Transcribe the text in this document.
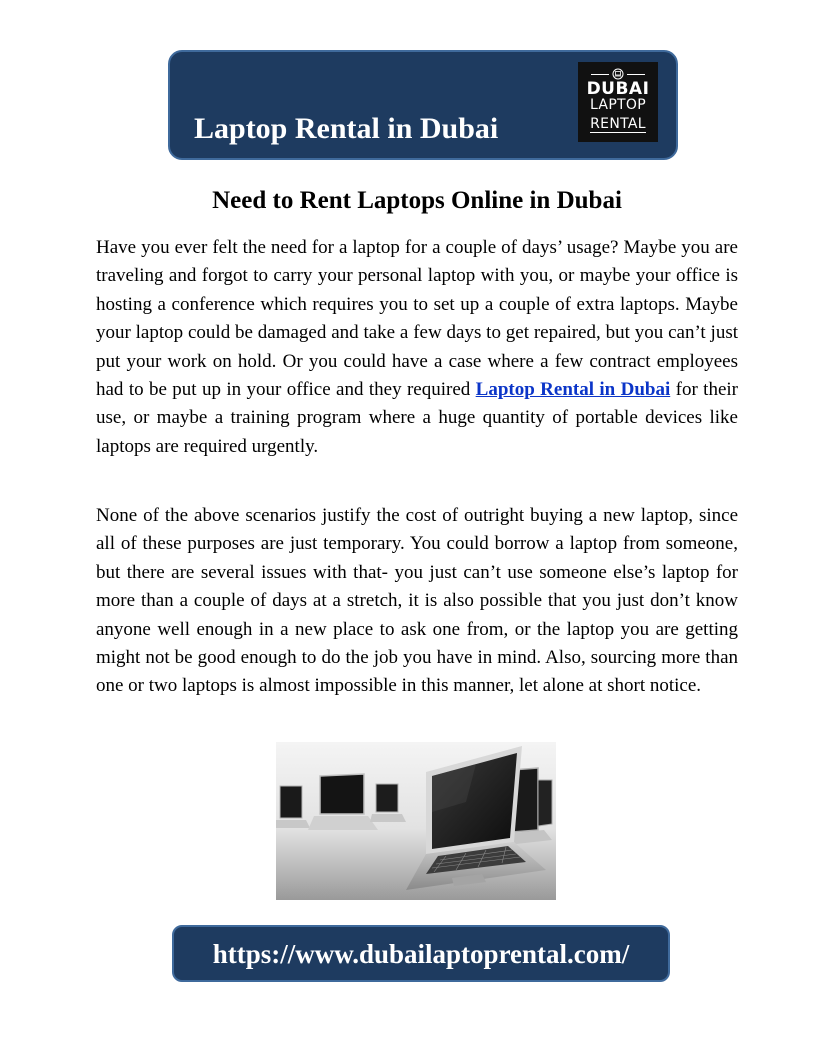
Laptop Rental in Dubai
DUBAI
LAPTOP
RENTAL
Need to Rent Laptops Online in Dubai

Have you ever felt the need for a laptop for a couple of days’ usage? Maybe you are traveling and forgot to carry your personal laptop with you, or maybe your office is hosting a conference which requires you to set up a couple of extra laptops. Maybe your laptop could be damaged and take a few days to get repaired, but you can’t just put your work on hold. Or you could have a case where a few contract employees had to be put up in your office and they required Laptop Rental in Dubai for their use, or maybe a training program where a huge quantity of portable devices like laptops are required urgently.

None of the above scenarios justify the cost of outright buying a new laptop, since all of these purposes are just temporary. You could borrow a laptop from someone, but there are several issues with that- you just can’t use someone else’s laptop for more than a couple of days at a stretch, it is also possible that you just don’t know anyone well enough in a new place to ask one from, or the laptop you are getting might not be good enough to do the job you have in mind. Also, sourcing more than one or two laptops is almost impossible in this manner, let alone at short notice.

https://www.dubailaptoprental.com/
